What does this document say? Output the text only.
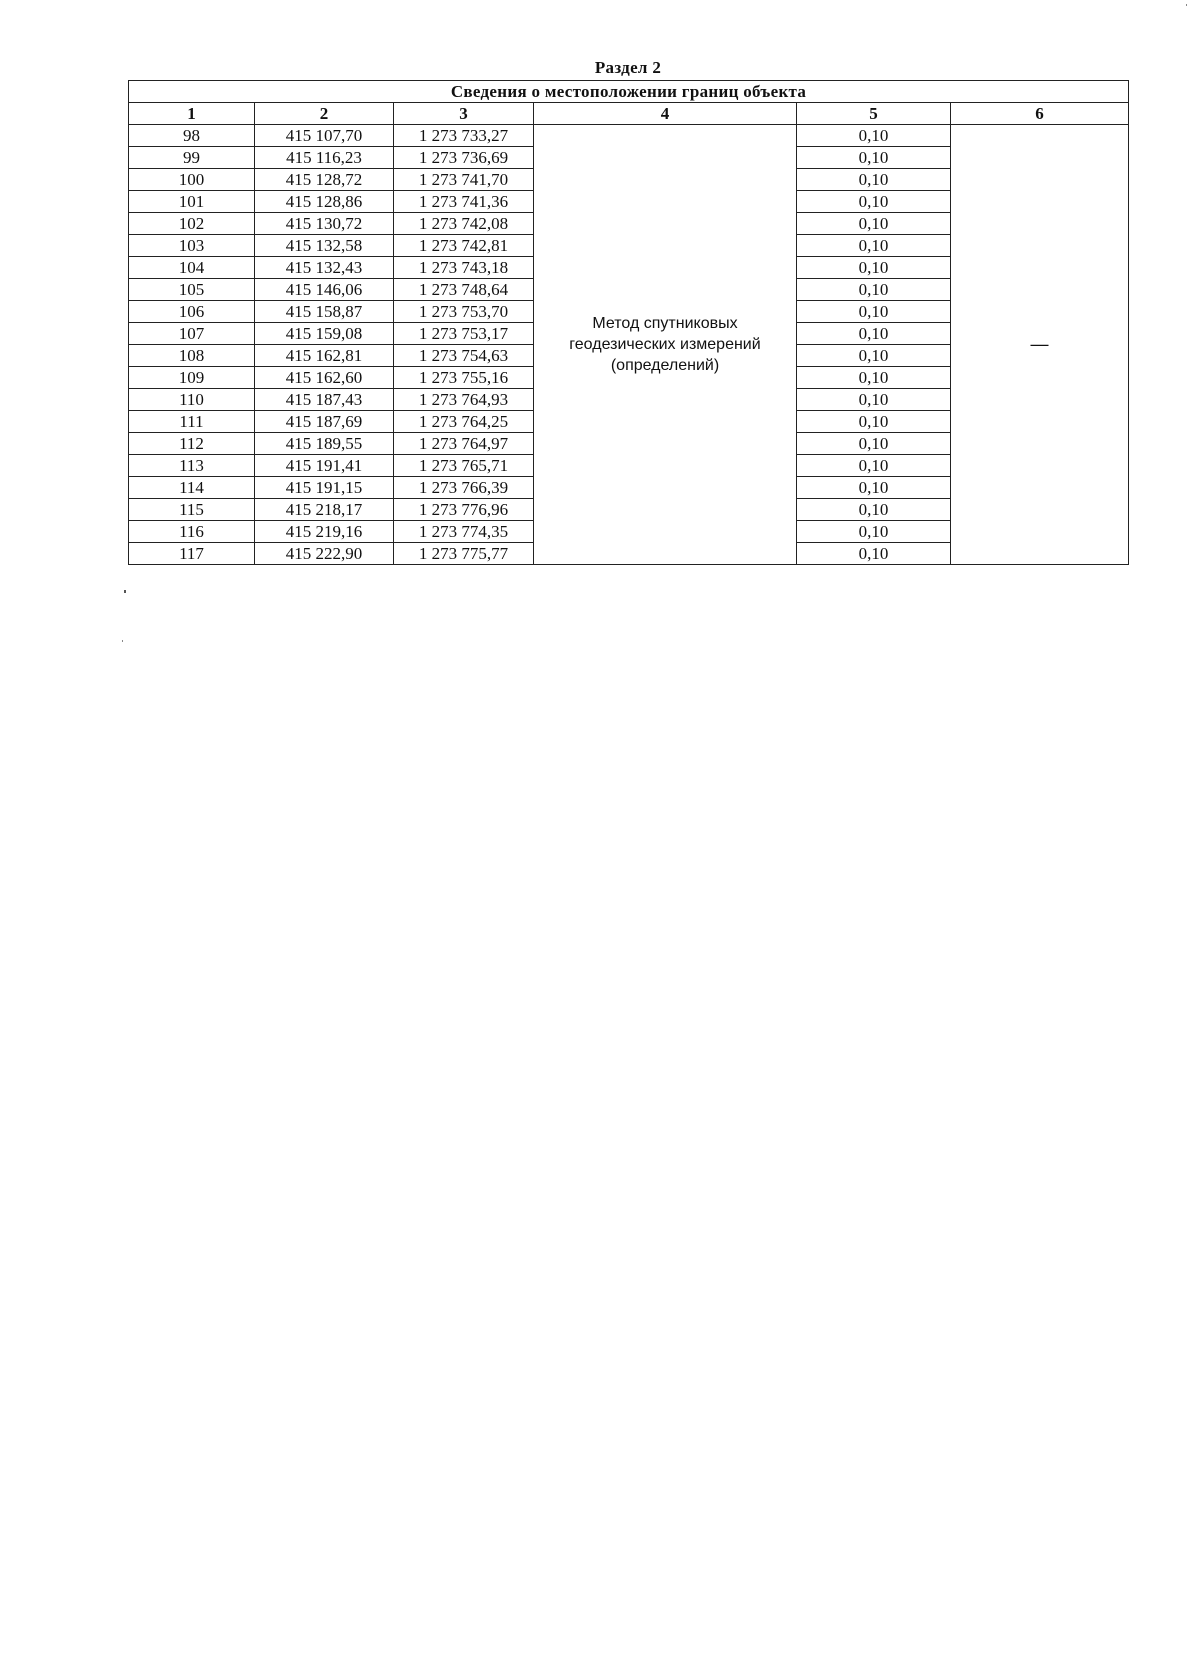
Раздел 2
Сведения о местоположении границ объекта					
1	2	3	4	5	6
98	415 107,70	1 273 733,27	Метод спутниковых
геодезических измерений
(определений)	0,10	—
99	415 116,23	1 273 736,69		0,10	
100	415 128,72	1 273 741,70		0,10	
101	415 128,86	1 273 741,36		0,10	
102	415 130,72	1 273 742,08		0,10	
103	415 132,58	1 273 742,81		0,10	
104	415 132,43	1 273 743,18		0,10	
105	415 146,06	1 273 748,64		0,10	
106	415 158,87	1 273 753,70		0,10	
107	415 159,08	1 273 753,17		0,10	
108	415 162,81	1 273 754,63		0,10	
109	415 162,60	1 273 755,16		0,10	
110	415 187,43	1 273 764,93		0,10	
111	415 187,69	1 273 764,25		0,10	
112	415 189,55	1 273 764,97		0,10	
113	415 191,41	1 273 765,71		0,10	
114	415 191,15	1 273 766,39		0,10	
115	415 218,17	1 273 776,96		0,10	
116	415 219,16	1 273 774,35		0,10	
117	415 222,90	1 273 775,77		0,10	
